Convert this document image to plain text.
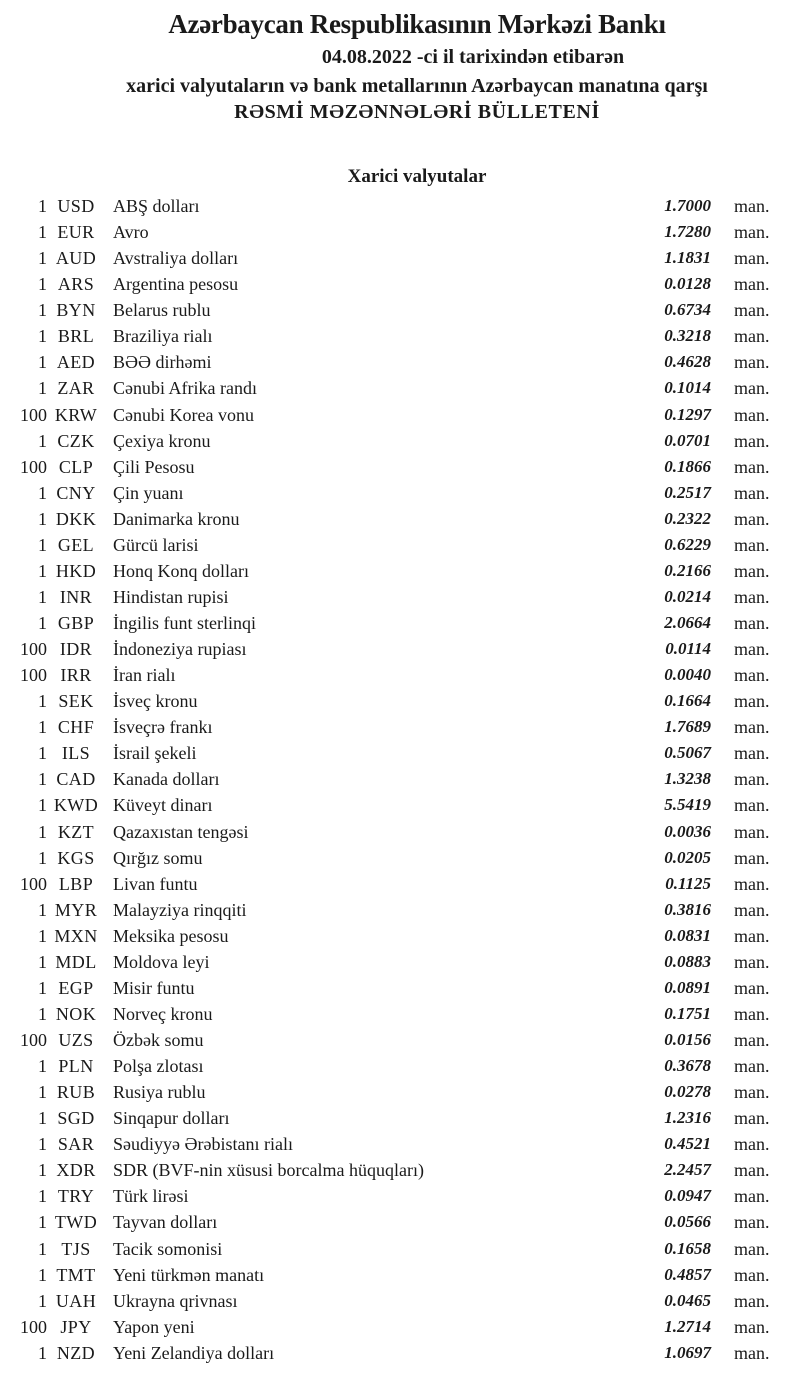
Azərbaycan Respublikasının Mərkəzi Bankı
04.08.2022 -ci il tarixindən etibarən
xarici valyutaların və bank metallarının Azərbaycan manatına qarşı
RƏSMİ MƏZƏNNƏLƏRİ BÜLLETENİ
Xarici valyutalar
1 USD	ABŞ dolları	1.7000	man.
1 EUR	Avro	1.7280	man.
1 AUD Avstraliya dolları	1.1831	man.
1 ARS	Argentina pesosu	0.0128	man.
1 BYN Belarus rublu	0.6734	man.
1 BRL	Braziliya rialı	0.3218	man.
1 AED BƏƏ dirhəmi	0.4628	man.
1 ZAR	Cənubi Afrika randı	0.1014	man.
100 KRW Cənubi Korea vonu	0.1297	man.
1 CZK	Çexiya kronu	0.0701	man.
100 CLP	Çili Pesosu	0.1866	man.
1 CNY Çin yuanı	0.2517	man.
1 DKK Danimarka kronu	0.2322	man.
1 GEL	Gürcü larisi	0.6229	man.
1 HKD Honq Konq dolları	0.2166	man.
1 INR	Hindistan rupisi	0.0214	man.
1 GBP	İngilis funt sterlinqi	2.0664	man.
100 IDR	İndoneziya rupiası	0.0114	man.
100 IRR	İran rialı	0.0040	man.
1 SEK	İsveç kronu	0.1664	man.
1 CHF	İsveçrə frankı	1.7689	man.
1 ILS	İsrail şekeli	0.5067	man.
1 CAD Kanada dolları	1.3238	man.
1 KWD Küveyt dinarı	5.5419	man.
1 KZT	Qazaxıstan tengəsi	0.0036	man.
1 KGS	Qırğız somu	0.0205	man.
100 LBP	Livan funtu	0.1125	man.
1 MYR Malayziya rinqqiti	0.3816	man.
1 MXN Meksika pesosu	0.0831	man.
1 MDL Moldova leyi	0.0883	man.
1 EGP	Misir funtu	0.0891	man.
1 NOK Norveç kronu	0.1751	man.
100 UZS	Özbək somu	0.0156	man.
1 PLN	Polşa zlotası	0.3678	man.
1 RUB Rusiya rublu	0.0278	man.
1 SGD	Sinqapur dolları	1.2316	man.
1 SAR	Səudiyyə Ərəbistanı rialı	0.4521	man.
1 XDR SDR (BVF-nin xüsusi borcalma hüquqları)	2.2457	man.
1 TRY	Türk lirəsi	0.0947	man.
1 TWD Tayvan dolları	0.0566	man.
1 TJS	Tacik somonisi	0.1658	man.
1 TMT Yeni türkmən manatı	0.4857	man.
1 UAH Ukrayna qrivnası	0.0465	man.
100 JPY	Yapon yeni	1.2714	man.
1 NZD Yeni Zelandiya dolları	1.0697	man.
